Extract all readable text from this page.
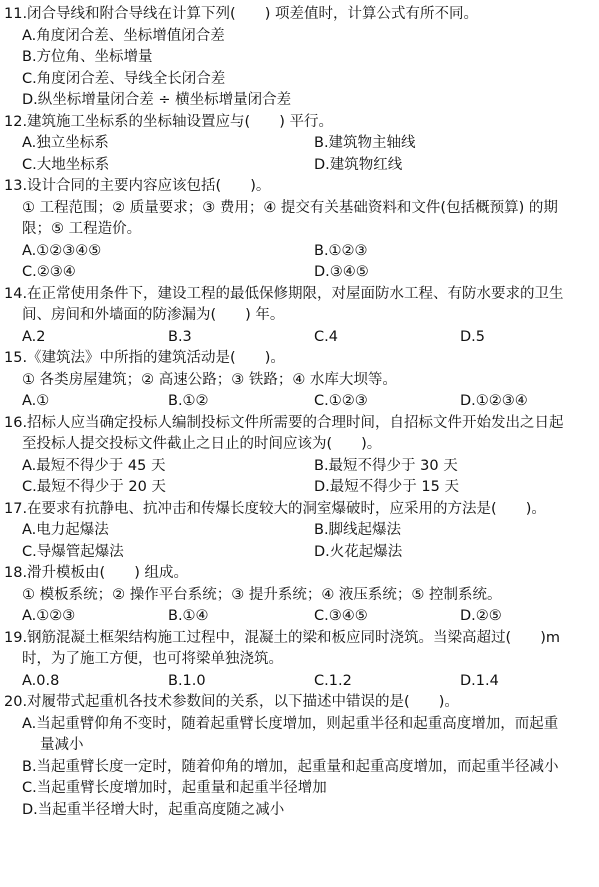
11.闭合导线和附合导线在计算下列(　　) 项差值时，计算公式有所不同。
A.角度闭合差、坐标增值闭合差
B.方位角、坐标增量
C.角度闭合差、导线全长闭合差
D.纵坐标增量闭合差 ÷ 横坐标增量闭合差
12.建筑施工坐标系的坐标轴设置应与(　　) 平行。
A.独立坐标系	B.建筑物主轴线
C.大地坐标系	D.建筑物红线
13.设计合同的主要内容应该包括(　　)。
① 工程范围；② 质量要求；③ 费用；④ 提交有关基础资料和文件(包括概预算) 的期
限；⑤ 工程造价。
A.①②③④⑤	B.①②③
C.②③④	D.③④⑤
14.在正常使用条件下，建设工程的最低保修期限，对屋面防水工程、有防水要求的卫生
间、房间和外墙面的防渗漏为(　　) 年。
A.2	B.3	C.4	D.5
15.《建筑法》中所指的建筑活动是(　　)。
① 各类房屋建筑；② 高速公路；③ 铁路；④ 水库大坝等。
A.①	B.①②	C.①②③	D.①②③④
16.招标人应当确定投标人编制投标文件所需要的合理时间，自招标文件开始发出之日起
至投标人提交投标文件截止之日止的时间应该为(　　)。
A.最短不得少于 45 天	B.最短不得少于 30 天
C.最短不得少于 20 天	D.最短不得少于 15 天
17.在要求有抗静电、抗冲击和传爆长度较大的洞室爆破时，应采用的方法是(　　)。
A.电力起爆法	B.脚线起爆法
C.导爆管起爆法	D.火花起爆法
18.滑升模板由(　　) 组成。
① 模板系统；② 操作平台系统；③ 提升系统；④ 液压系统；⑤ 控制系统。
A.①②③	B.①④	C.③④⑤	D.②⑤
19.钢筋混凝土框架结构施工过程中，混凝土的梁和板应同时浇筑。当梁高超过(　　)m
时，为了施工方便，也可将梁单独浇筑。
A.0.8	B.1.0	C.1.2	D.1.4
20.对履带式起重机各技术参数间的关系，以下描述中错误的是(　　)。
A.当起重臂仰角不变时，随着起重臂长度增加，则起重半径和起重高度增加，而起重
量减小
B.当起重臂长度一定时，随着仰角的增加，起重量和起重高度增加，而起重半径减小
C.当起重臂长度增加时，起重量和起重半径增加
D.当起重半径增大时，起重高度随之减小
